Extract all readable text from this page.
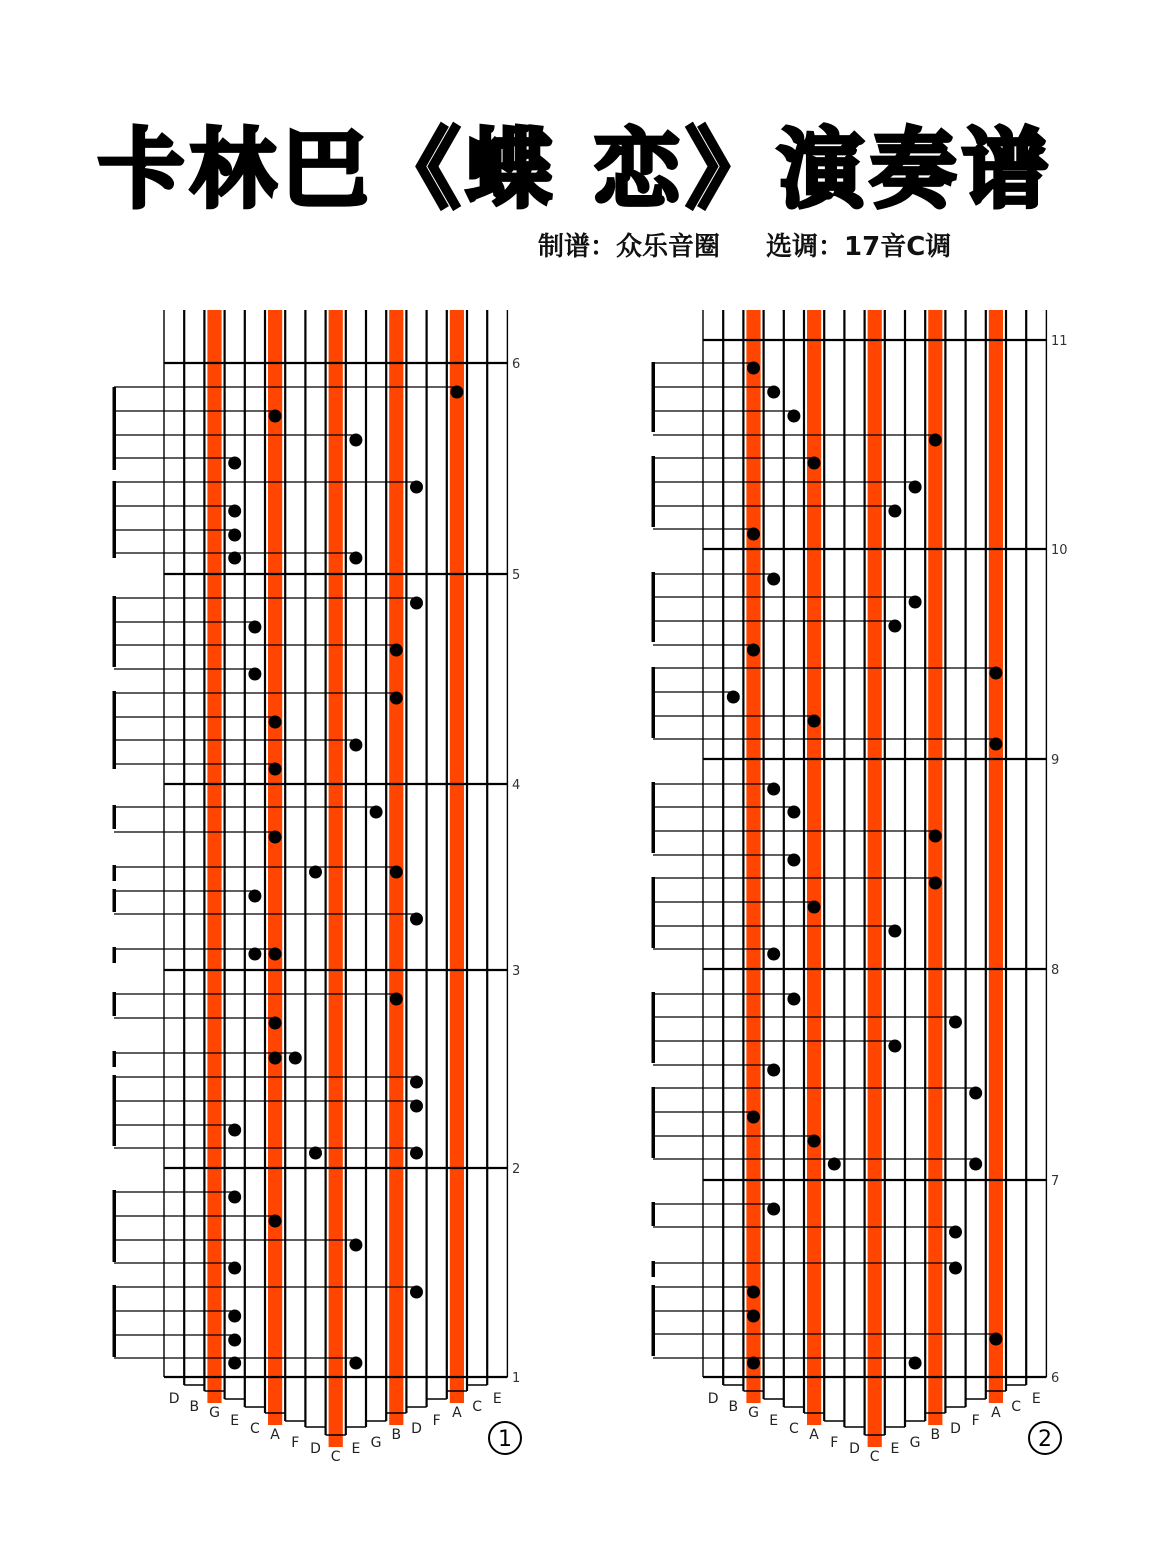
卡林巴《蝶 恋》演奏谱
制谱：众乐音圈 选调：17音C调
6
5
4
3
2
1
D B G E C A F D C E G B D F A C E
1
11
10
9
8
7
6
D B G E C A F D C E G B D F A C E
2
